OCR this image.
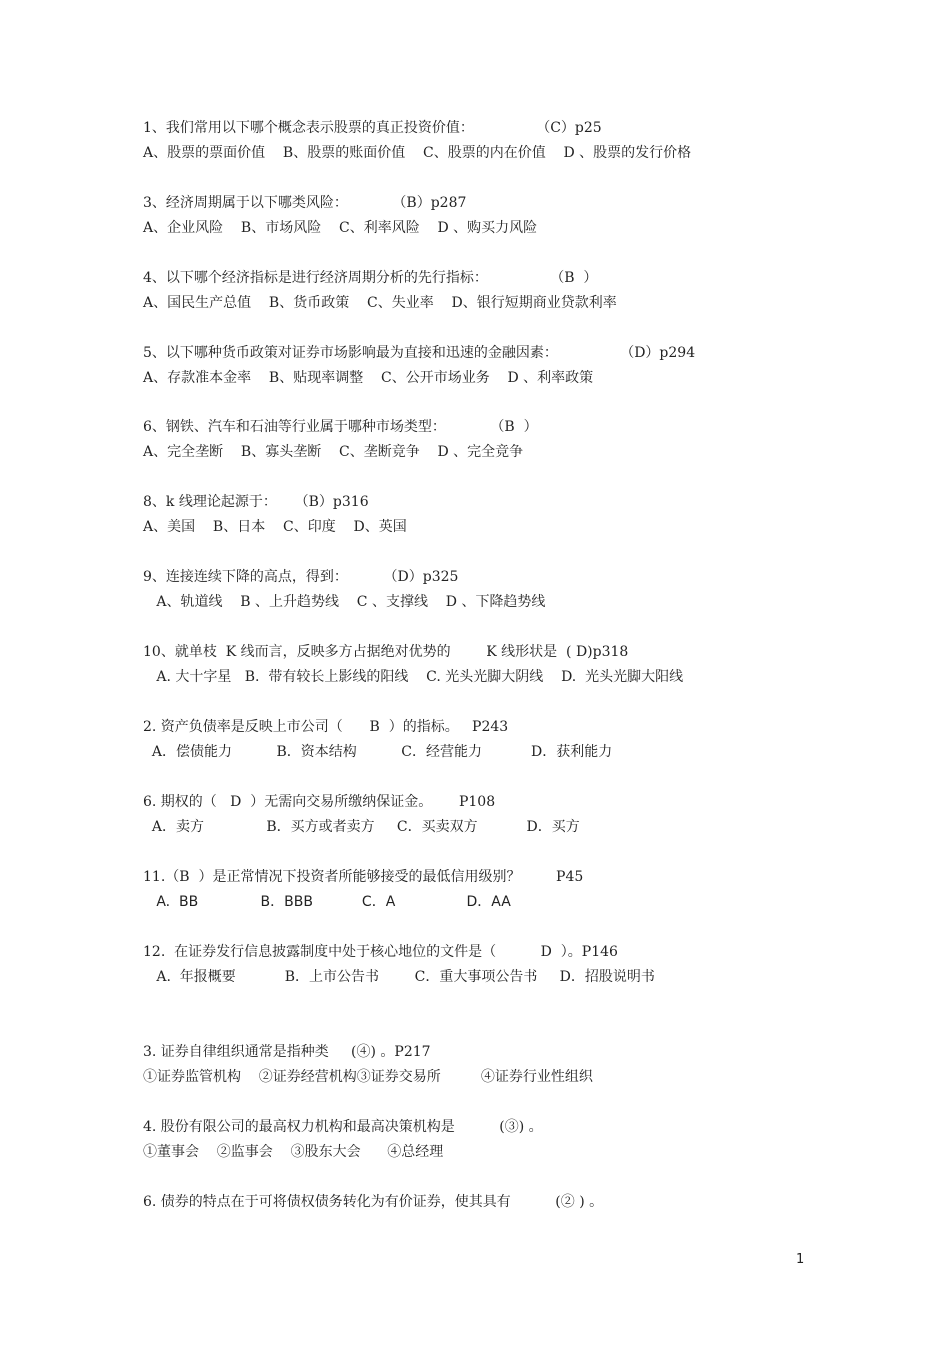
1、我们常用以下哪个概念表示股票的真正投资价值：              （C）p25
A、股票的票面价值    B、股票的账面价值    C、股票的内在价值    D 、股票的发行价格
3、经济周期属于以下哪类风险：          （B）p287
A、企业风险    B、市场风险    C、利率风险    D 、购买力风险
4、以下哪个经济指标是进行经济周期分析的先行指标：              （B  ）
A、国民生产总值    B、货币政策    C、失业率    D、银行短期商业贷款利率
5、以下哪种货币政策对证券市场影响最为直接和迅速的金融因素：              （D）p294
A、存款准本金率    B、贴现率调整    C、公开市场业务    D 、利率政策
6、钢铁、汽车和石油等行业属于哪种市场类型：          （B  ）
A、完全垄断    B、寡头垄断    C、垄断竞争    D 、完全竞争
8、k 线理论起源于：    （B）p316
A、美国    B、日本    C、印度    D、英国
9、连接连续下降的高点，得到：        （D）p325
A、轨道线    B 、上升趋势线    C 、支撑线    D 、下降趋势线
10、就单枝  K 线而言，反映多方占据绝对优势的        K 线形状是  ( D)p318
A. 大十字星   B.  带有较长上影线的阳线    C. 光头光脚大阴线    D.  光头光脚大阳线
2. 资产负债率是反映上市公司（      B  ）的指标。   P243
A．偿债能力          B．资本结构          C．经营能力           D．获利能力
6. 期权的（   D  ）无需向交易所缴纳保证金。      P108
A．卖方              B．买方或者卖方     C．买卖双方           D．买方
11.（B  ）是正常情况下投资者所能够接受的最低信用级别？        P45
A.  BB              B．BBB           C．A                D．AA
12.  在证券发行信息披露制度中处于核心地位的文件是（          D  ）。P146
A.  年报概要           B．上市公告书        C．重大事项公告书     D．招股说明书
3. 证券自律组织通常是指种类     (④) 。P217
①证券监管机构    ②证券经营机构③证券交易所         ④证券行业性组织
4. 股份有限公司的最高权力机构和最高决策机构是          (③) 。
①董事会    ②监事会    ③股东大会      ④总经理
6. 债券的特点在于可将债权债务转化为有价证券，使其具有          (② ) 。
1
